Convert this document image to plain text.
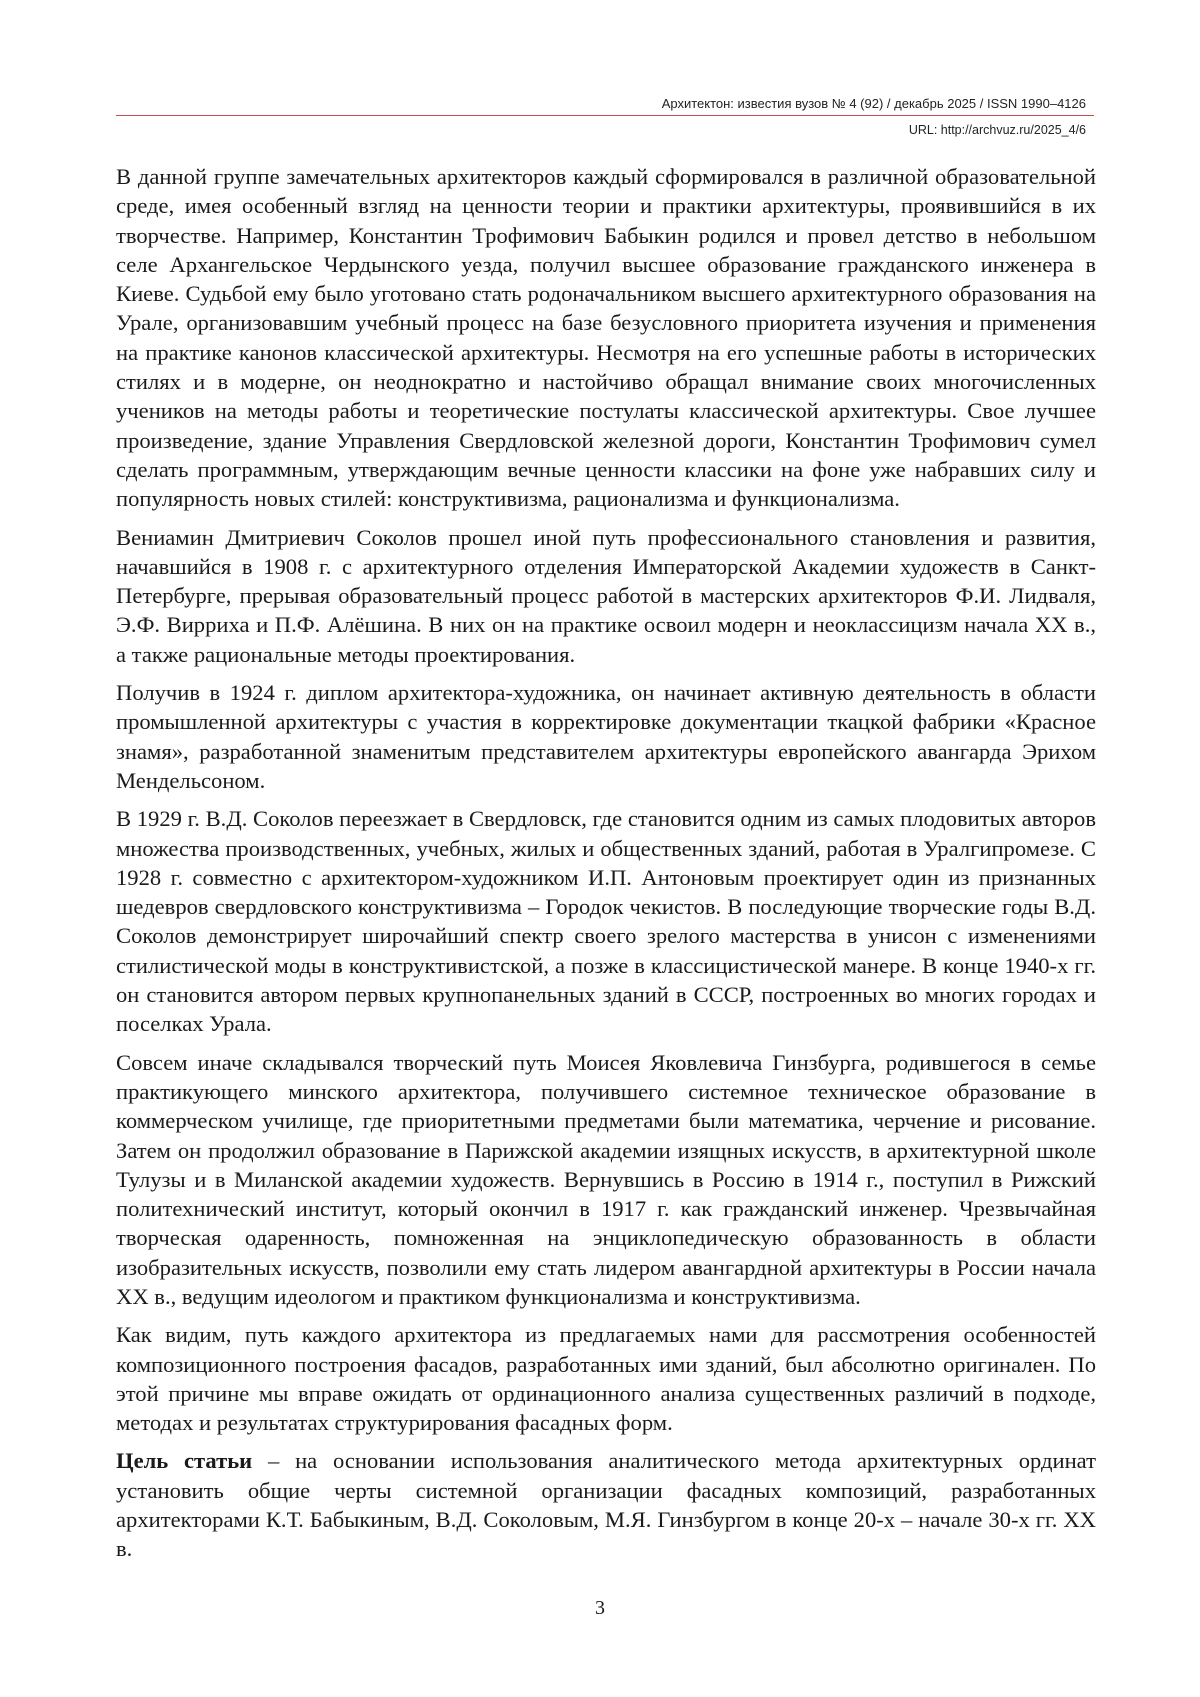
Архитектон: известия вузов № 4 (92) / декабрь 2025 / ISSN 1990–4126
URL: http://archvuz.ru/2025_4/6

В данной группе замечательных архитекторов каждый сформировался в различной образовательной среде, имея особенный взгляд на ценности теории и практики архитектуры, проявившийся в их творчестве. Например, Константин Трофимович Бабыкин родился и провел детство в небольшом селе Архангельское Чердынского уезда, получил высшее образование гражданского инженера в Киеве. Судьбой ему было уготовано стать родоначальником высшего архитектурного образования на Урале, организовавшим учебный процесс на базе безусловного приоритета изучения и применения на практике канонов классической архитектуры. Несмотря на его успешные работы в исторических стилях и в модерне, он неоднократно и настойчиво обращал внимание своих многочисленных учеников на методы работы и теоретические постулаты классической архитектуры. Свое лучшее произведение, здание Управления Свердловской железной дороги, Константин Трофимович сумел сделать программным, утверждающим вечные ценности классики на фоне уже набравших силу и популярность новых стилей: конструктивизма, рационализма и функционализма.

Вениамин Дмитриевич Соколов прошел иной путь профессионального становления и развития, начавшийся в 1908 г. с архитектурного отделения Императорской Академии художеств в Санкт-Петербурге, прерывая образовательный процесс работой в мастерских архитекторов Ф.И. Лидваля, Э.Ф. Вирриха и П.Ф. Алёшина. В них он на практике освоил модерн и неоклассицизм начала XX в., а также рациональные методы проектирования.

Получив в 1924 г. диплом архитектора-художника, он начинает активную деятельность в области промышленной архитектуры с участия в корректировке документации ткацкой фабрики «Красное знамя», разработанной знаменитым представителем архитектуры европейского авангарда Эрихом Мендельсоном.

В 1929 г. В.Д. Соколов переезжает в Свердловск, где становится одним из самых плодовитых авторов множества производственных, учебных, жилых и общественных зданий, работая в Уралгипромезе. С 1928 г. совместно с архитектором-художником И.П. Антоновым проектирует один из признанных шедевров свердловского конструктивизма – Городок чекистов. В последующие творческие годы В.Д. Соколов демонстрирует широчайший спектр своего зрелого мастерства в унисон с изменениями стилистической моды в конструктивистской, а позже в классицистической манере. В конце 1940-х гг. он становится автором первых крупнопанельных зданий в СССР, построенных во многих городах и поселках Урала.

Совсем иначе складывался творческий путь Моисея Яковлевича Гинзбурга, родившегося в семье практикующего минского архитектора, получившего системное техническое образование в коммерческом училище, где приоритетными предметами были математика, черчение и рисование. Затем он продолжил образование в Парижской академии изящных искусств, в архитектурной школе Тулузы и в Миланской академии художеств. Вернувшись в Россию в 1914 г., поступил в Рижский политехнический институт, который окончил в 1917 г. как гражданский инженер. Чрезвычайная творческая одаренность, помноженная на энциклопедическую образованность в области изобразительных искусств, позволили ему стать лидером авангардной архитектуры в России начала XX в., ведущим идеологом и практиком функционализма и конструктивизма.

Как видим, путь каждого архитектора из предлагаемых нами для рассмотрения особенностей композиционного построения фасадов, разработанных ими зданий, был абсолютно оригинален. По этой причине мы вправе ожидать от ординационного анализа существенных различий в подходе, методах и результатах структурирования фасадных форм.

Цель статьи – на основании использования аналитического метода архитектурных ординат установить общие черты системной организации фасадных композиций, разработанных архитекторами К.Т. Бабыкиным, В.Д. Соколовым, М.Я. Гинзбургом в конце 20-х – начале 30-х гг. XX в.

3
